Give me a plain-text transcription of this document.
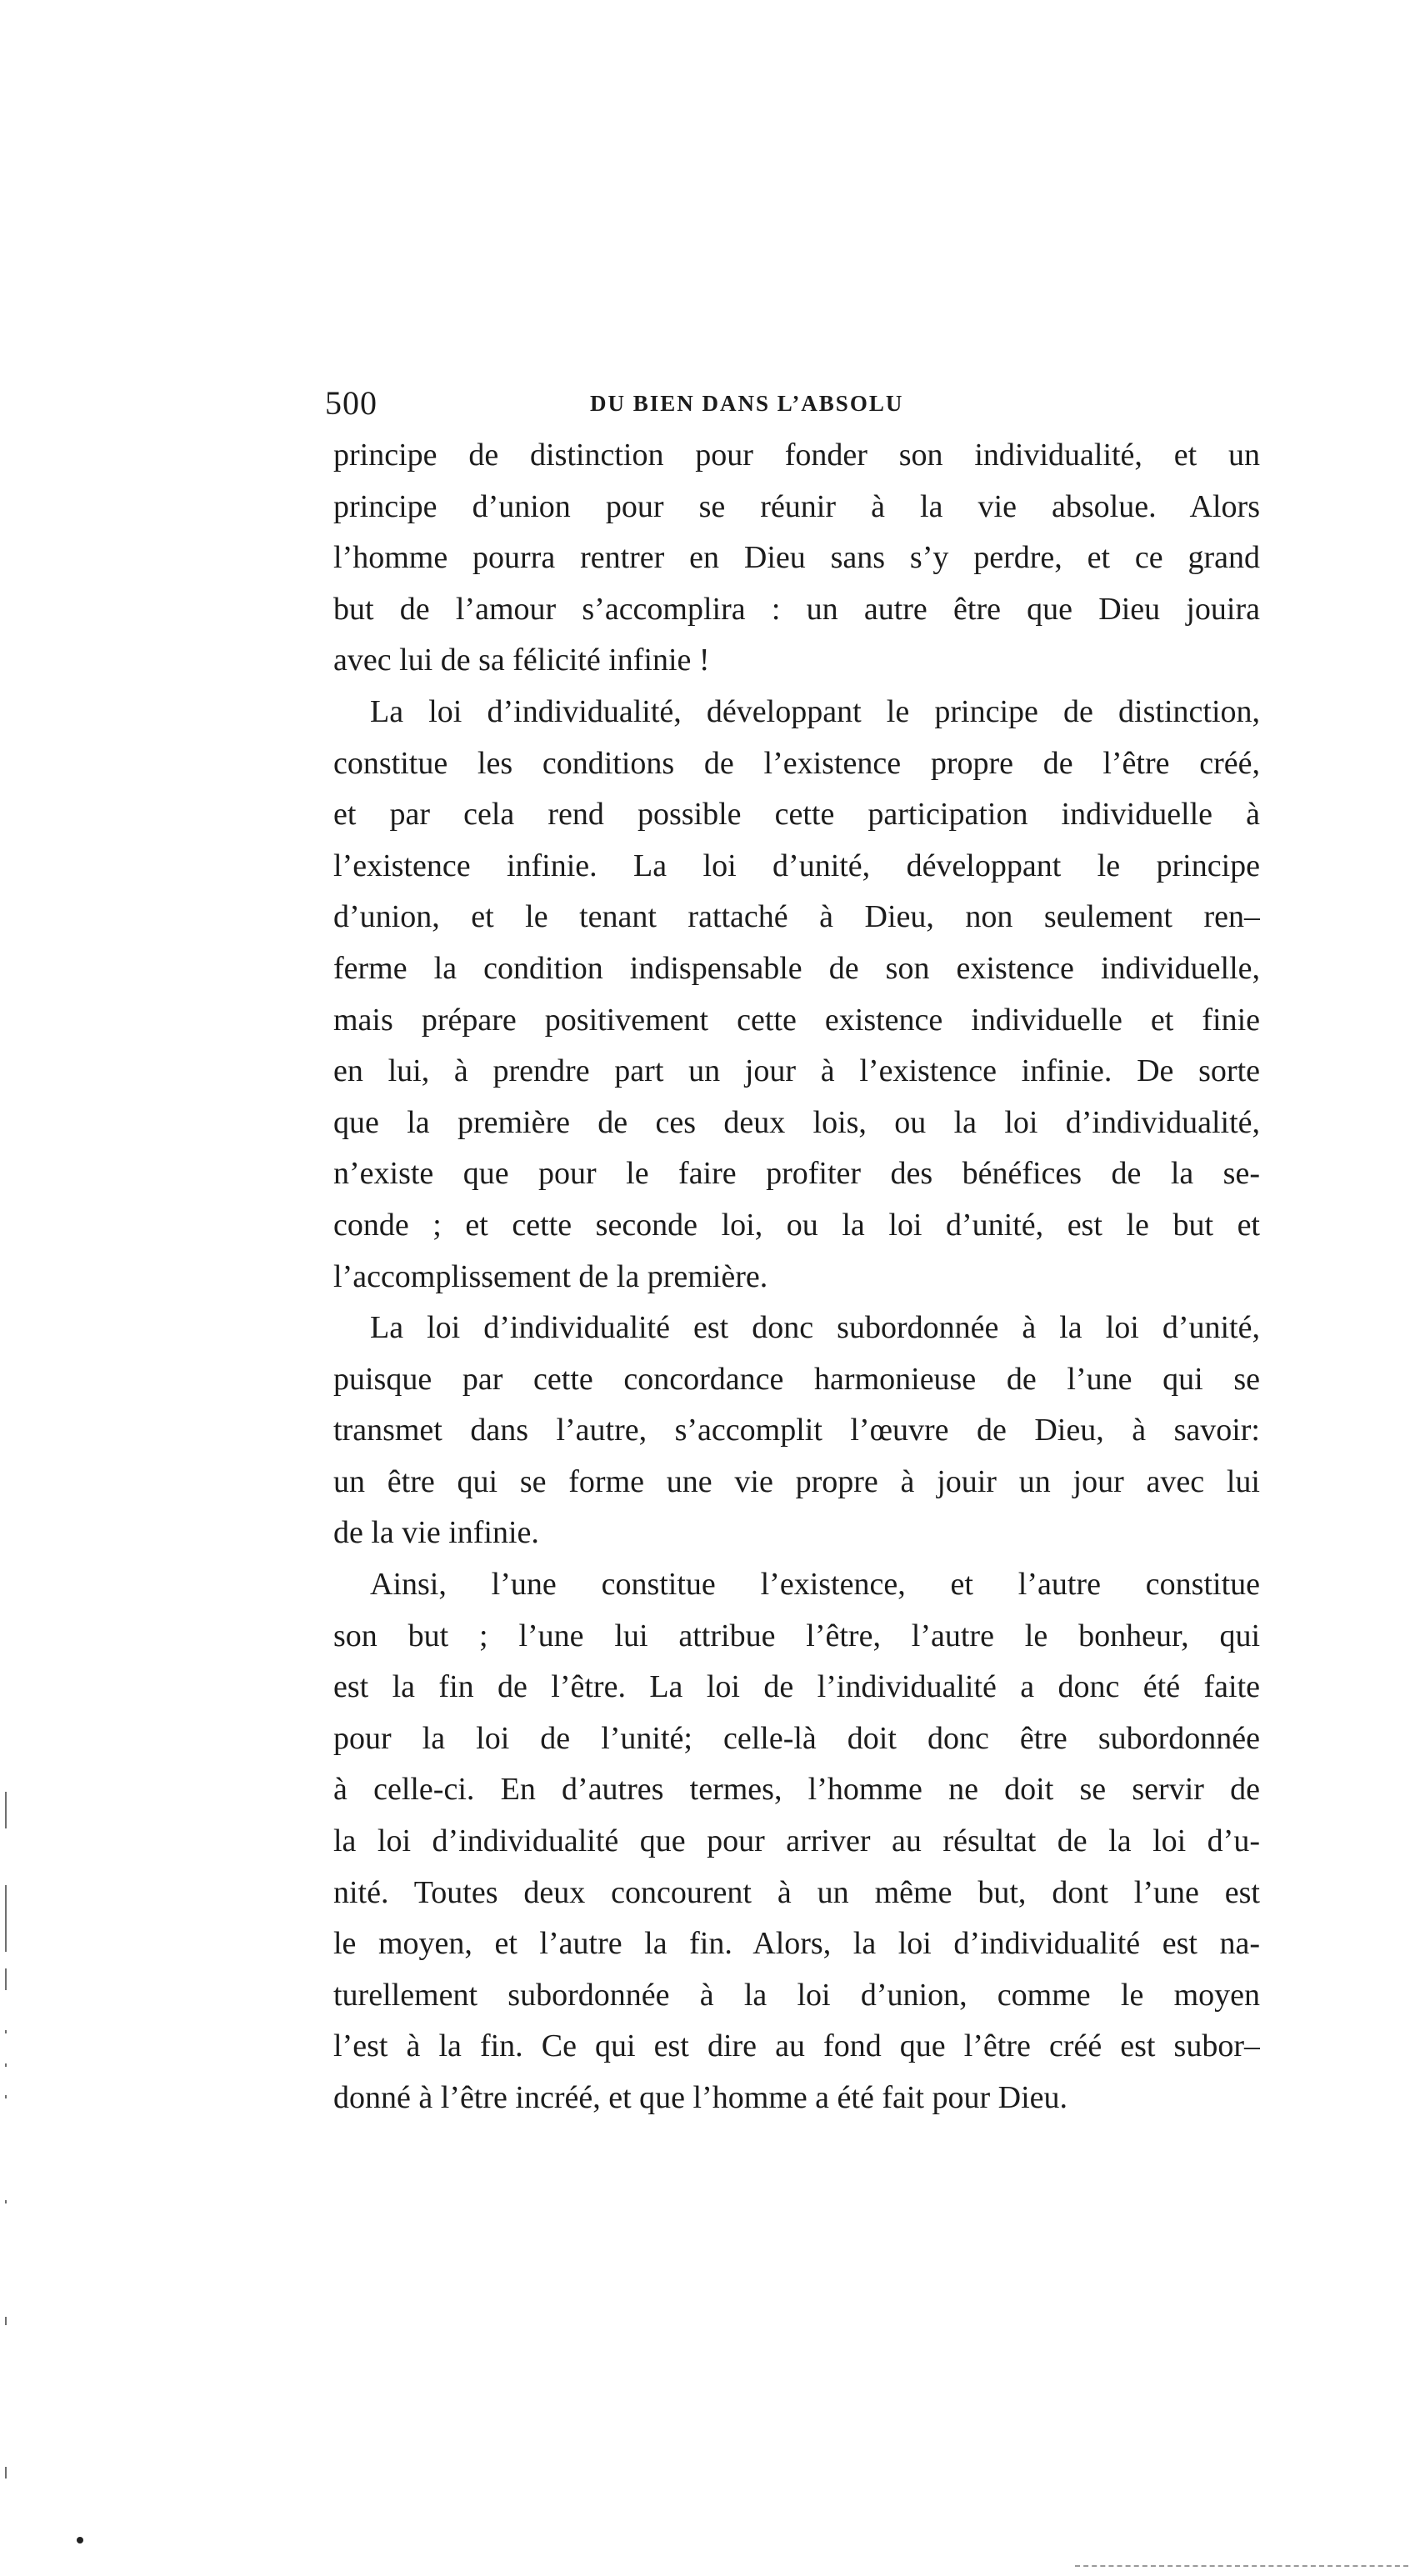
500	DU BIEN DANS L’ABSOLU
principe de distinction pour fonder son individualité, et un
principe d’union pour se réunir à la vie absolue. Alors
l’homme pourra rentrer en Dieu sans s’y perdre, et ce grand
but de l’amour s’accomplira : un autre être que Dieu jouira
avec lui de sa félicité infinie !
La loi d’individualité, développant le principe de distinction,
constitue les conditions de l’existence propre de l’être créé,
et par cela rend possible cette participation individuelle à
l’existence infinie. La loi d’unité, développant le principe
d’union, et le tenant rattaché à Dieu, non seulement ren–
ferme la condition indispensable de son existence individuelle,
mais prépare positivement cette existence individuelle et finie
en lui, à prendre part un jour à l’existence infinie. De sorte
que la première de ces deux lois, ou la loi d’individualité,
n’existe que pour le faire profiter des bénéfices de la se-
conde ; et cette seconde loi, ou la loi d’unité, est le but et
l’accomplissement de la première.
La loi d’individualité est donc subordonnée à la loi d’unité,
puisque par cette concordance harmonieuse de l’une qui se
transmet dans l’autre, s’accomplit l’œuvre de Dieu, à savoir:
un être qui se forme une vie propre à jouir un jour avec lui
de la vie infinie.
Ainsi, l’une constitue l’existence, et l’autre constitue
son but ; l’une lui attribue l’être, l’autre le bonheur, qui
est la fin de l’être. La loi de l’individualité a donc été faite
pour la loi de l’unité; celle-là doit donc être subordonnée
à celle-ci. En d’autres termes, l’homme ne doit se servir de
la loi d’individualité que pour arriver au résultat de la loi d’u-
nité. Toutes deux concourent à un même but, dont l’une est
le moyen, et l’autre la fin. Alors, la loi d’individualité est na-
turellement subordonnée à la loi d’union, comme le moyen
l’est à la fin. Ce qui est dire au fond que l’être créé est subor–
donné à l’être incréé, et que l’homme a été fait pour Dieu.
